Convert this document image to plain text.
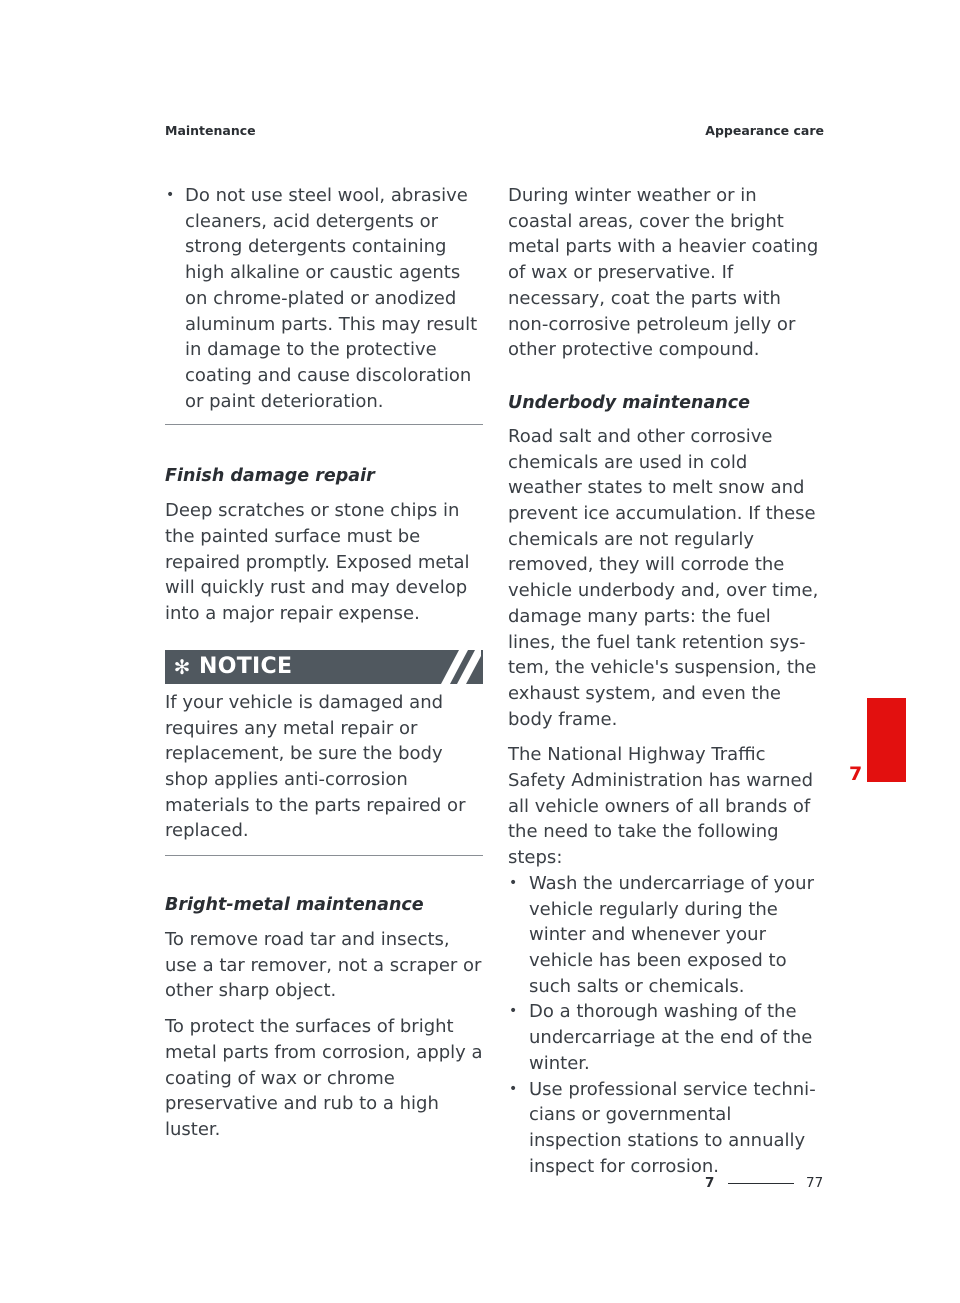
Maintenance	Appearance care

• Do not use steel wool, abrasive cleaners, acid detergents or strong detergents containing high alkaline or caustic agents on chrome-plated or anodized aluminum parts. This may result in damage to the protective coating and cause discoloration or paint deterioration.

Finish damage repair

Deep scratches or stone chips in the painted surface must be repaired promptly. Exposed metal will quickly rust and may develop into a major repair expense.

✻ NOTICE

If your vehicle is damaged and requires any metal repair or replacement, be sure the body shop applies anti-corrosion materials to the parts repaired or replaced.

Bright-metal maintenance

To remove road tar and insects, use a tar remover, not a scraper or other sharp object.

To protect the surfaces of bright metal parts from corrosion, apply a coating of wax or chrome preservative and rub to a high luster.

During winter weather or in coastal areas, cover the bright metal parts with a heavier coating of wax or preservative. If necessary, coat the parts with non-corrosive petroleum jelly or other protective compound.

Underbody maintenance

Road salt and other corrosive chemicals are used in cold weather states to melt snow and prevent ice accumulation. If these chemicals are not regularly removed, they will corrode the vehicle underbody and, over time, damage many parts: the fuel lines, the fuel tank retention system, the vehicle's suspension, the exhaust system, and even the body frame.

The National Highway Traffic Safety Administration has warned all vehicle owners of all brands of the need to take the following steps:

• Wash the undercarriage of your vehicle regularly during the winter and whenever your vehicle has been exposed to such salts or chemicals.

• Do a thorough washing of the undercarriage at the end of the winter.

• Use professional service technicians or governmental inspection stations to annually inspect for corrosion.

7
7	77
